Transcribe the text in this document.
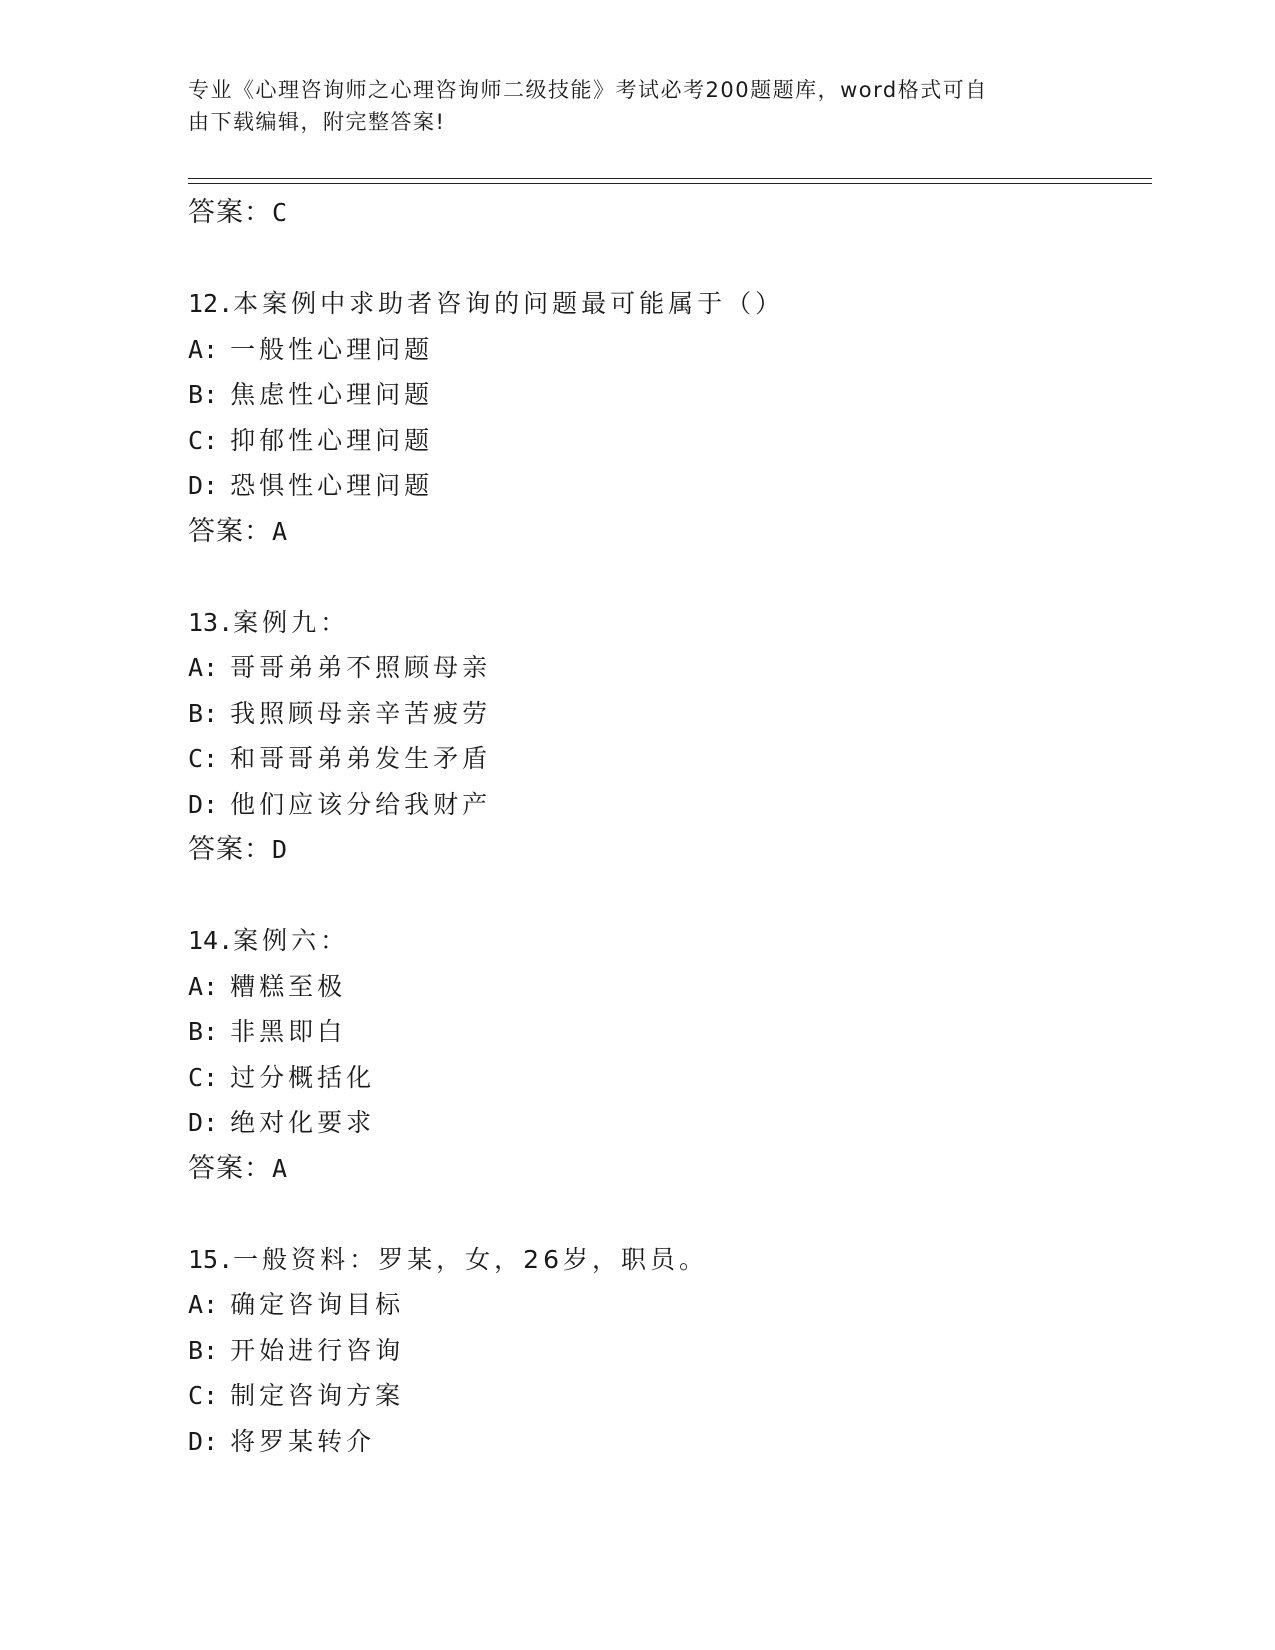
专业《心理咨询师之心理咨询师二级技能》考试必考200题题库，word格式可自
由下载编辑，附完整答案!
答案：C
12.本案例中求助者咨询的问题最可能属于（）
A: 一般性心理问题
B: 焦虑性心理问题
C: 抑郁性心理问题
D: 恐惧性心理问题
答案：A
13.案例九：
A: 哥哥弟弟不照顾母亲
B: 我照顾母亲辛苦疲劳
C: 和哥哥弟弟发生矛盾
D: 他们应该分给我财产
答案：D
14.案例六：
A: 糟糕至极
B: 非黑即白
C: 过分概括化
D: 绝对化要求
答案：A
15.一般资料：罗某，女，26岁，职员。
A: 确定咨询目标
B: 开始进行咨询
C: 制定咨询方案
D: 将罗某转介
